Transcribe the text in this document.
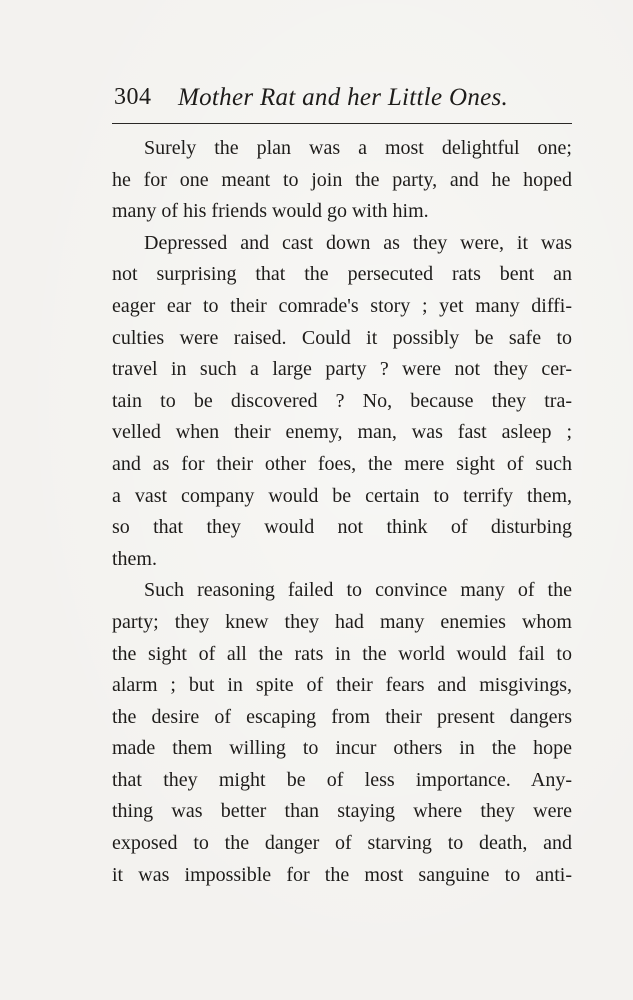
304 Mother Rat and her Little Ones.
Surely the plan was a most delightful one;
he for one meant to join the party, and he hoped
many of his friends would go with him.
Depressed and cast down as they were, it was
not surprising that the persecuted rats bent an
eager ear to their comrade's story ; yet many diffi-
culties were raised. Could it possibly be safe to
travel in such a large party ? were not they cer-
tain to be discovered ? No, because they tra-
velled when their enemy, man, was fast asleep ;
and as for their other foes, the mere sight of such
a vast company would be certain to terrify them,
so that they would not think of disturbing
them.
Such reasoning failed to convince many of the
party; they knew they had many enemies whom
the sight of all the rats in the world would fail to
alarm ; but in spite of their fears and misgivings,
the desire of escaping from their present dangers
made them willing to incur others in the hope
that they might be of less importance. Any-
thing was better than staying where they were
exposed to the danger of starving to death, and
it was impossible for the most sanguine to anti-
